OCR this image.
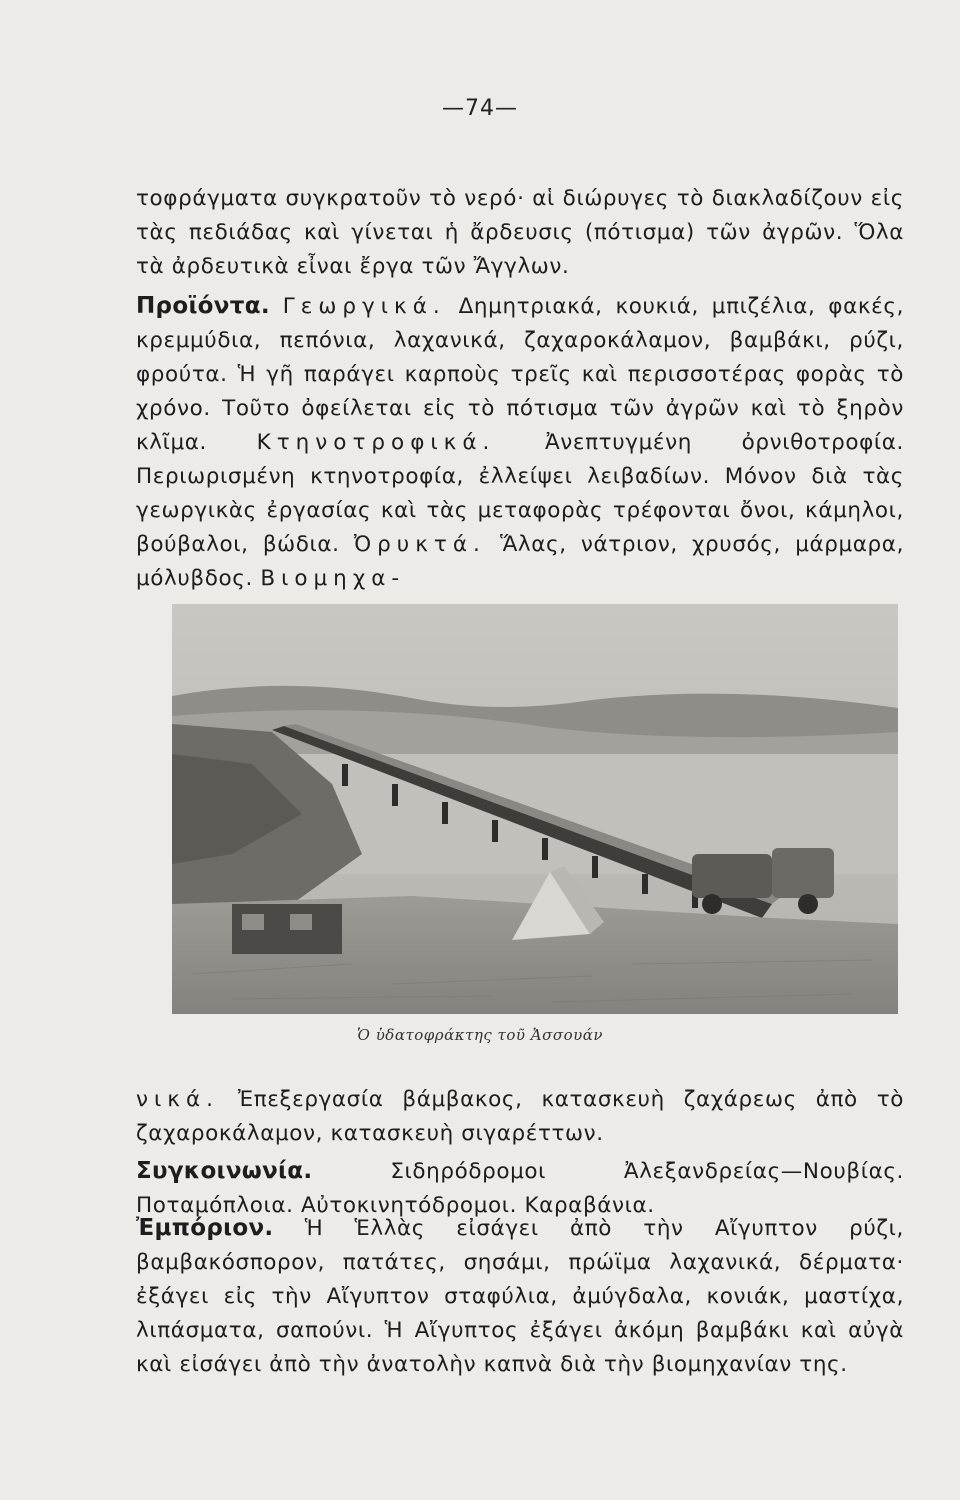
—74—

τοφράγματα συγκρατοῦν τὸ νερό· αἱ διώρυγες τὸ διακλαδίζουν εἰς τὰς πεδιάδας καὶ γίνεται ἡ ἄρδευσις (πότισμα) τῶν ἀγρῶν. Ὅλα τὰ ἀρδευτικὰ εἶναι ἔργα τῶν Ἄγγλων.

Προϊόντα. Γεωργικά. Δημητριακά, κουκιά, μπιζέλια, φακές, κρεμμύδια, πεπόνια, λαχανικά, ζαχαροκάλαμον, βαμβάκι, ρύζι, φρούτα. Ἡ γῆ παράγει καρποὺς τρεῖς καὶ περισσοτέρας φορὰς τὸ χρόνο. Τοῦτο ὀφείλεται εἰς τὸ πότισμα τῶν ἀγρῶν καὶ τὸ ξηρὸν κλῖμα. Κτηνοτροφικά. Ἀνεπτυγμένη ὀρνιθοτροφία. Περιωρισμένη κτηνοτροφία, ἐλλείψει λειβαδίων. Μόνον διὰ τὰς γεωργικὰς ἐργασίας καὶ τὰς μεταφορὰς τρέφονται ὄνοι, κάμηλοι, βούβαλοι, βώδια. Ὀρυκτά. Ἅλας, νάτριον, χρυσός, μάρμαρα, μόλυβδος. Βιομηχα-

Ὁ ὑδατοφράκτης τοῦ Ἀσσουάν

νικά. Ἐπεξεργασία βάμβακος, κατασκευὴ ζαχάρεως ἀπὸ τὸ ζαχαροκάλαμον, κατασκευὴ σιγαρέττων.

Συγκοινωνία.	Σιδηρόδρομοι Ἀλεξανδρείας—Νουβίας. Ποταμόπλοια. Αὐτοκινητόδρομοι. Καραβάνια.

Ἐμπόριον. Ἡ Ἑλλὰς εἰσάγει ἀπὸ τὴν Αἴγυπτον ρύζι, βαμβακόσπορον, πατάτες, σησάμι, πρώϊμα λαχανικά, δέρματα· ἐξάγει εἰς τὴν Αἴγυπτον σταφύλια, ἀμύγδαλα, κονιάκ, μαστίχα, λιπάσματα, σαπούνι. Ἡ Αἴγυπτος ἐξάγει ἀκόμη βαμβάκι καὶ αὐγὰ καὶ εἰσάγει ἀπὸ τὴν ἀνατολὴν καπνὰ διὰ τὴν βιομηχανίαν της.
